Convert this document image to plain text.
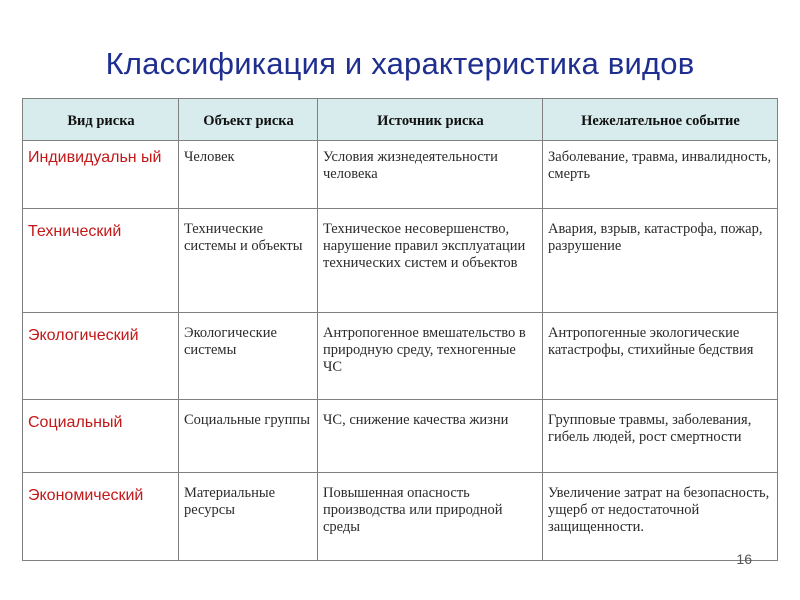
Классификация и характеристика видов
Вид риска	Объект риска	Источник риска	Нежелательное событие
Индивидуальн ый	Человек	Условия жизнедеятельности человека	Заболевание, травма, инвалидность, смерть
Технический	Технические системы и объекты	Техническое несовершенство, нарушение правил эксплуатации технических систем и объектов	Авария, взрыв, катастрофа, пожар, разрушение
Экологический	Экологические системы	Антропогенное вмешательство в природную среду, техногенные ЧС	Антропогенные экологические катастрофы, стихийные бедствия
Социальный	Социальные группы	ЧС, снижение качества жизни	Групповые травмы, заболевания, гибель людей, рост смертности
Экономический	Материальные ресурсы	Повышенная опасность производства или природной среды	Увеличение затрат на безопасность, ущерб от недостаточной защищенности.
16
